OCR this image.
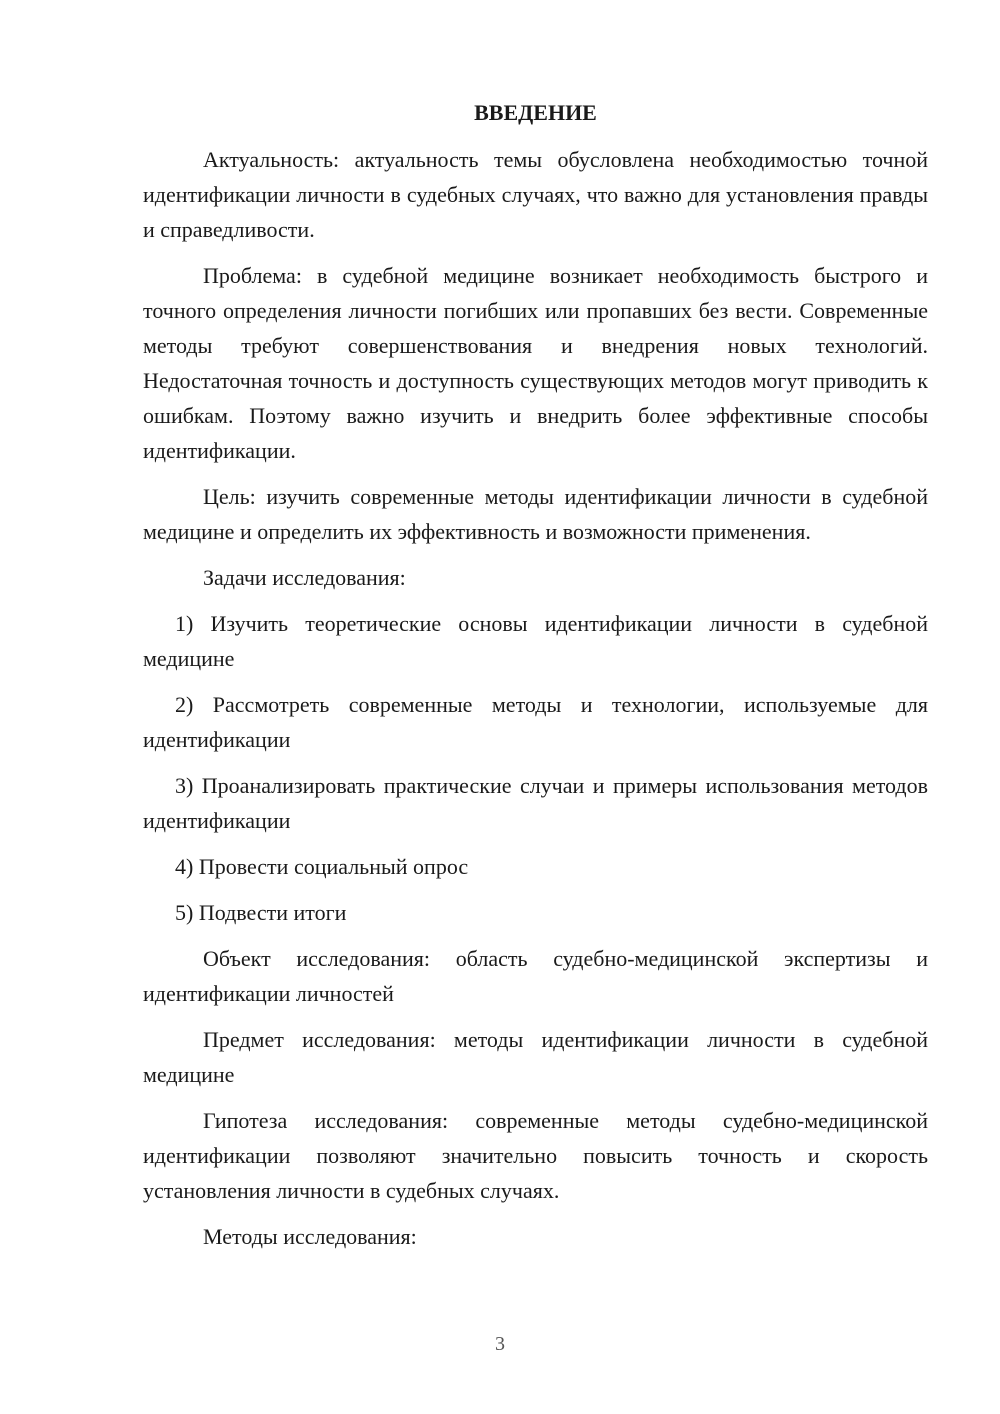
ВВЕДЕНИЕ

Актуальность: актуальность темы обусловлена необходимостью точной идентификации личности в судебных случаях, что важно для установления правды и справедливости.

Проблема: в судебной медицине возникает необходимость быстрого и точного определения личности погибших или пропавших без вести. Современные методы требуют совершенствования и внедрения новых технологий. Недостаточная точность и доступность существующих методов могут приводить к ошибкам. Поэтому важно изучить и внедрить более эффективные способы идентификации.

Цель: изучить современные методы идентификации личности в судебной медицине и определить их эффективность и возможности применения.

Задачи исследования:

1) Изучить теоретические основы идентификации личности в судебной медицине

2) Рассмотреть современные методы и технологии, используемые для идентификации

3) Проанализировать практические случаи и примеры использования методов идентификации

4) Провести социальный опрос

5) Подвести итоги

Объект исследования: область судебно-медицинской экспертизы и идентификации личностей

Предмет исследования: методы идентификации личности в судебной медицине

Гипотеза исследования: современные методы судебно-медицинской идентификации позволяют значительно повысить точность и скорость установления личности в судебных случаях.

Методы исследования:

3
